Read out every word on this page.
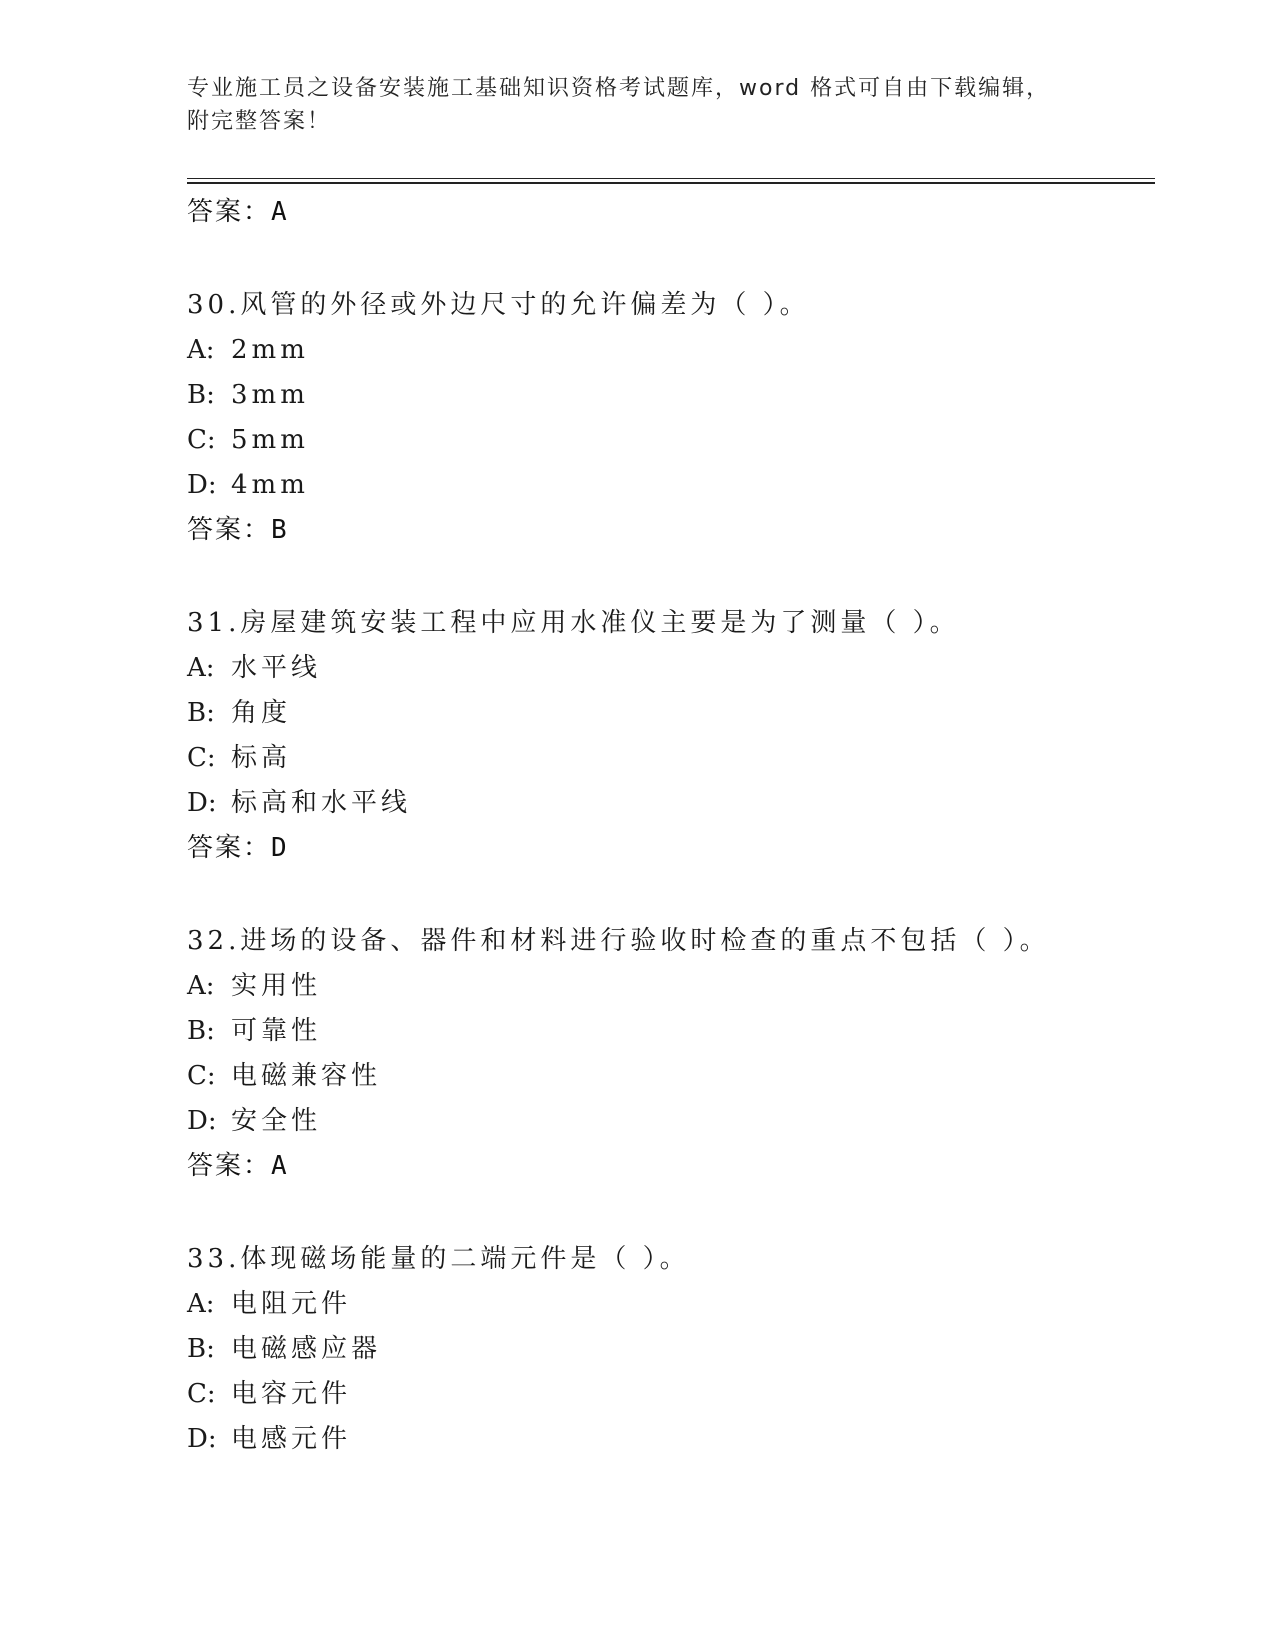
专业施工员之设备安装施工基础知识资格考试题库，word 格式可自由下载编辑，
附完整答案！
答案：A
30.风管的外径或外边尺寸的允许偏差为（ ）。
A: 2mm
B: 3mm
C: 5mm
D: 4mm
答案：B
31.房屋建筑安装工程中应用水准仪主要是为了测量（ ）。
A: 水平线
B: 角度
C: 标高
D: 标高和水平线
答案：D
32.进场的设备、器件和材料进行验收时检查的重点不包括（ ）。
A: 实用性
B: 可靠性
C: 电磁兼容性
D: 安全性
答案：A
33.体现磁场能量的二端元件是（ ）。
A: 电阻元件
B: 电磁感应器
C: 电容元件
D: 电感元件
